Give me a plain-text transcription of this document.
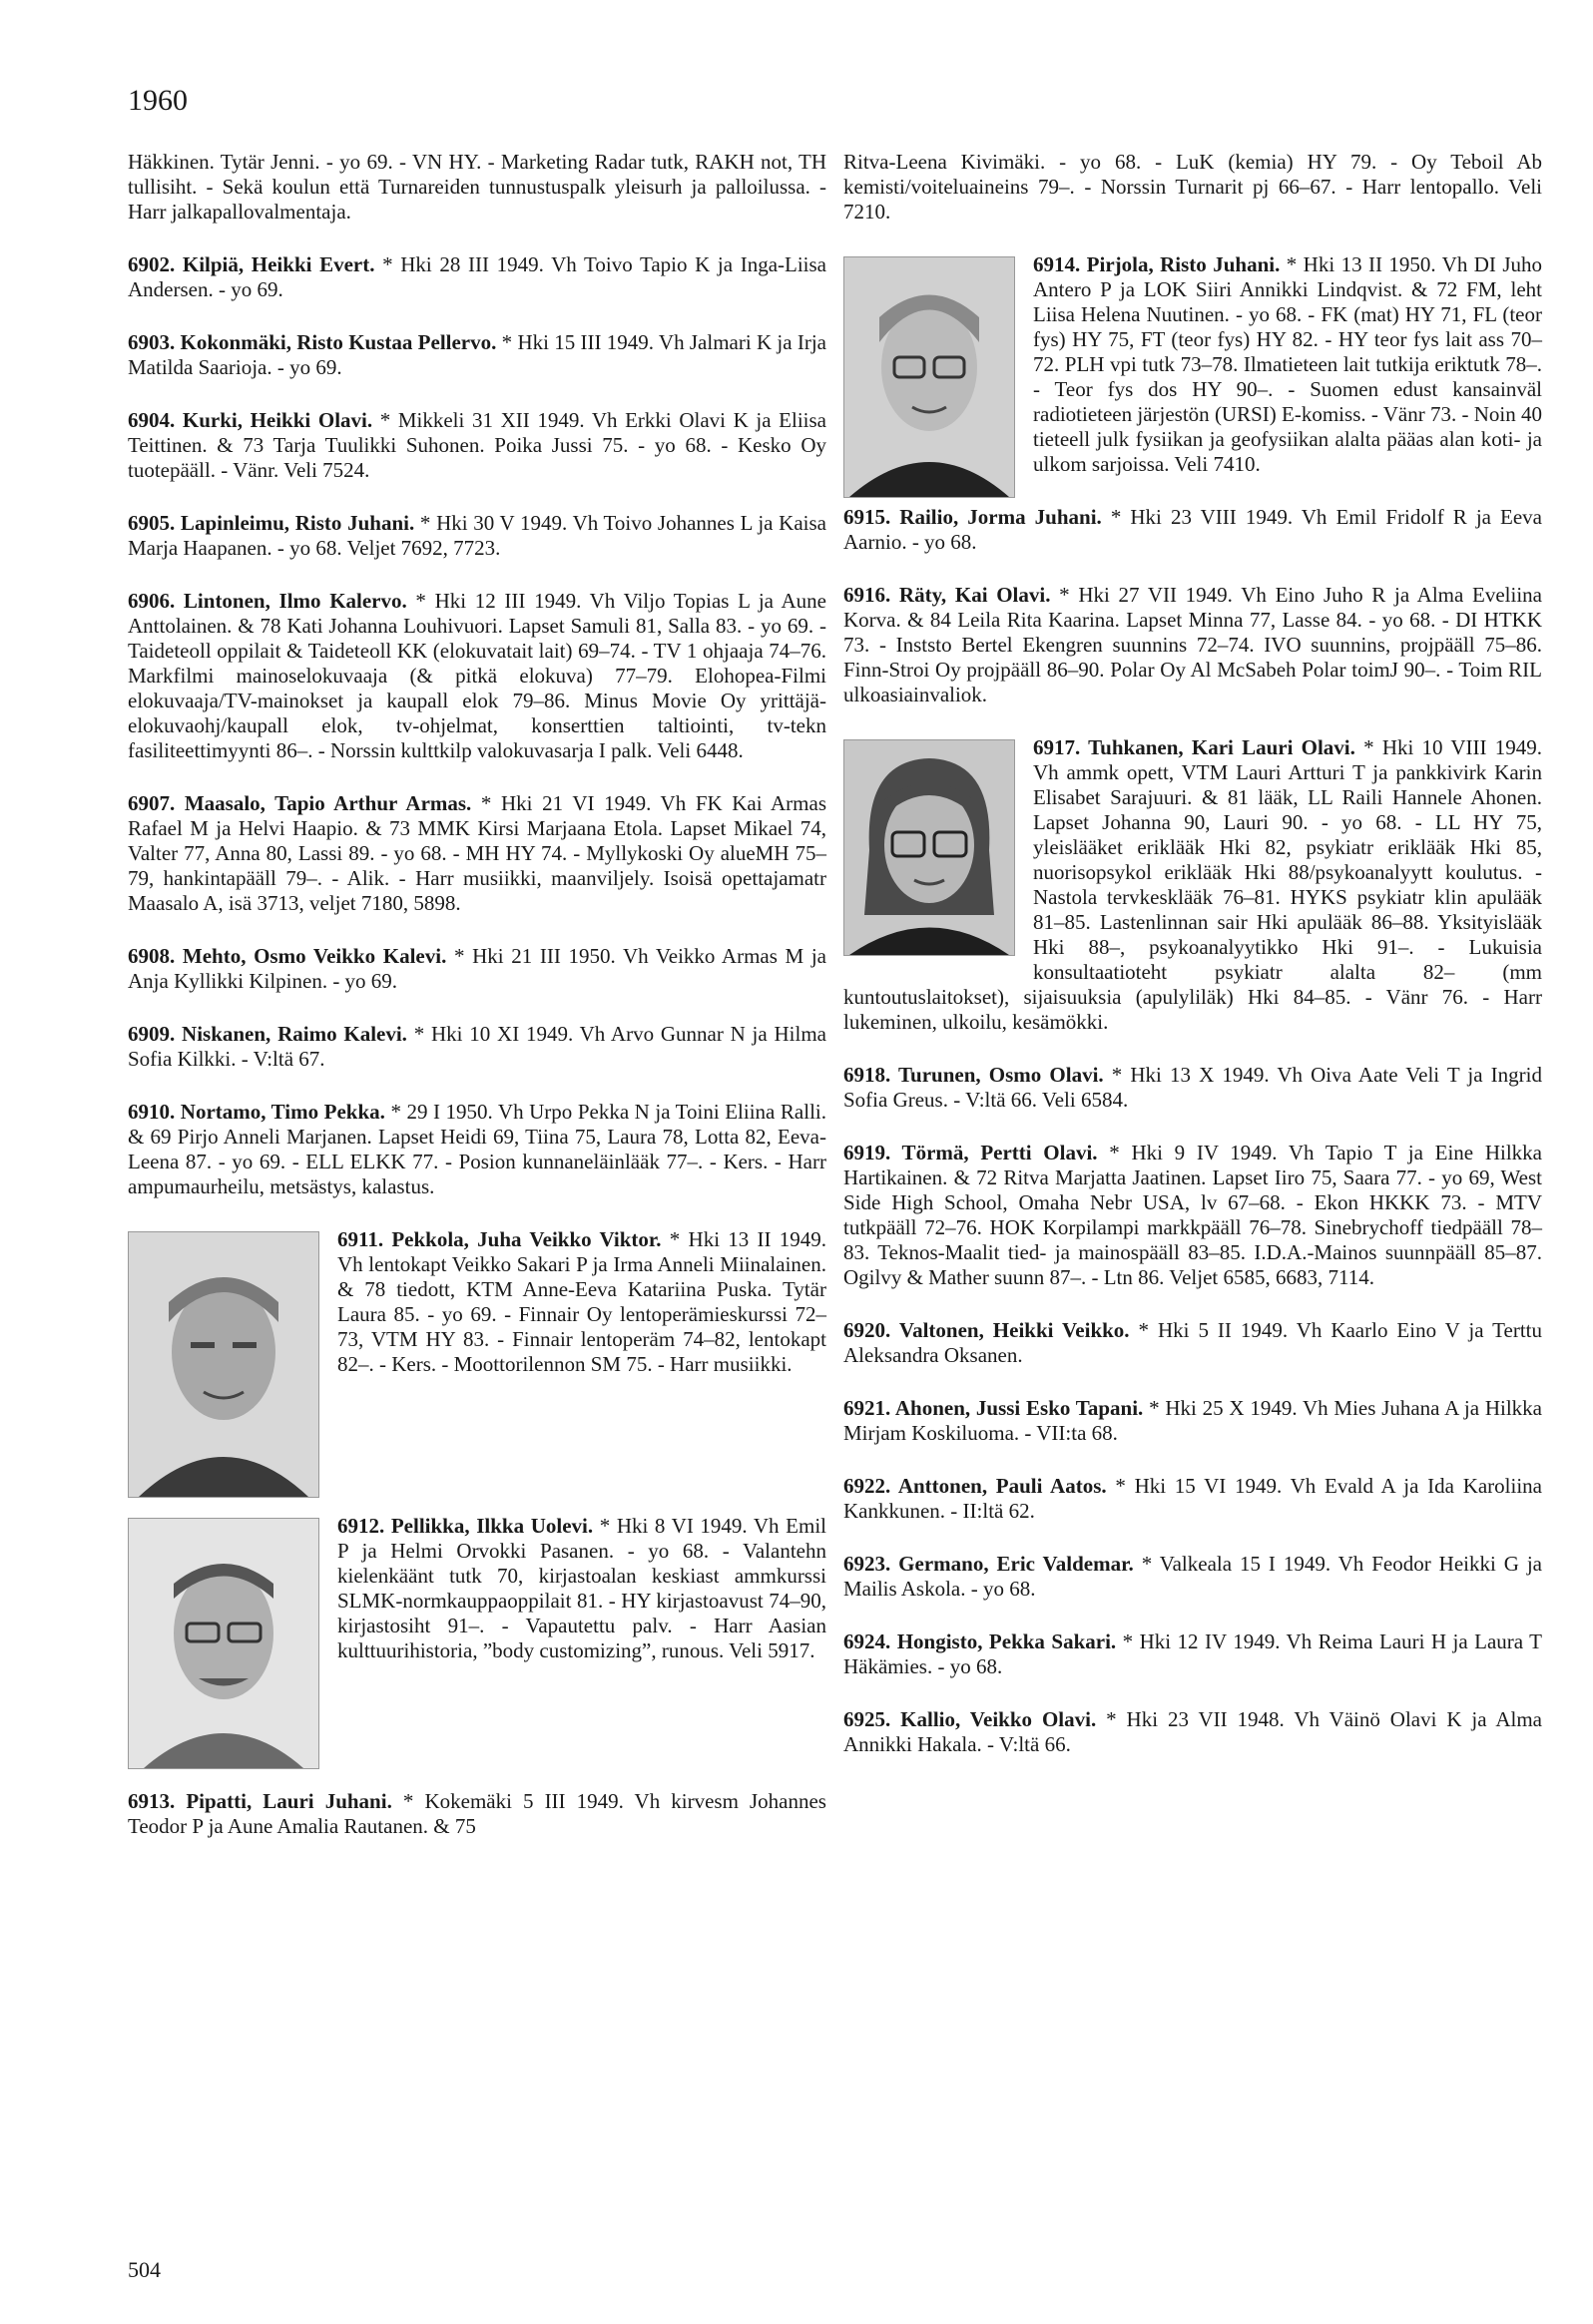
1960

Häkkinen. Tytär Jenni. - yo 69. - VN HY. - Marketing Radar tutk, RAKH not, TH tullisiht. - Sekä koulun että Turnareiden tunnustuspalk yleisurh ja palloilussa. - Harr jalkapallovalmentaja.

6902. Kilpiä, Heikki Evert. * Hki 28 III 1949. Vh Toivo Tapio K ja Inga-Liisa Andersen. - yo 69.

6903. Kokonmäki, Risto Kustaa Pellervo. * Hki 15 III 1949. Vh Jalmari K ja Irja Matilda Saarioja. - yo 69.

6904. Kurki, Heikki Olavi. * Mikkeli 31 XII 1949. Vh Erkki Olavi K ja Eliisa Teittinen. & 73 Tarja Tuulikki Suhonen. Poika Jussi 75. - yo 68. - Kesko Oy tuotepääll. - Vänr. Veli 7524.

6905. Lapinleimu, Risto Juhani. * Hki 30 V 1949. Vh Toivo Johannes L ja Kaisa Marja Haapanen. - yo 68. Veljet 7692, 7723.

6906. Lintonen, Ilmo Kalervo. * Hki 12 III 1949. Vh Viljo Topias L ja Aune Anttolainen. & 78 Kati Johanna Louhivuori. Lapset Samuli 81, Salla 83. - yo 69. - Taideteoll oppilait & Taideteoll KK (elokuvatait lait) 69–74. - TV 1 ohjaaja 74–76. Markfilmi mainoselokuvaaja (& pitkä elokuva) 77–79. Elohopea-Filmi elokuvaaja/TV-mainokset ja kaupall elok 79–86. Minus Movie Oy yrittäjä-elokuvaohj/kaupall elok, tv-ohjelmat, konserttien taltiointi, tv-tekn fasiliteettimyynti 86–. - Norssin kulttkilp valokuvasarja I palk. Veli 6448.

6907. Maasalo, Tapio Arthur Armas. * Hki 21 VI 1949. Vh FK Kai Armas Rafael M ja Helvi Haapio. & 73 MMK Kirsi Marjaana Etola. Lapset Mikael 74, Valter 77, Anna 80, Lassi 89. - yo 68. - MH HY 74. - Myllykoski Oy alueMH 75–79, hankintapääll 79–. - Alik. - Harr musiikki, maanviljely. Isoisä opettajamatr Maasalo A, isä 3713, veljet 7180, 5898.

6908. Mehto, Osmo Veikko Kalevi. * Hki 21 III 1950. Vh Veikko Armas M ja Anja Kyllikki Kilpinen. - yo 69.

6909. Niskanen, Raimo Kalevi. * Hki 10 XI 1949. Vh Arvo Gunnar N ja Hilma Sofia Kilkki. - V:ltä 67.

6910. Nortamo, Timo Pekka. * 29 I 1950. Vh Urpo Pekka N ja Toini Eliina Ralli. & 69 Pirjo Anneli Marjanen. Lapset Heidi 69, Tiina 75, Laura 78, Lotta 82, Eeva-Leena 87. - yo 69. - ELL ELKK 77. - Posion kunnaneläinlääk 77–. - Kers. - Harr ampumaurheilu, metsästys, kalastus.

6911. Pekkola, Juha Veikko Viktor.
* Hki 13 II 1949. Vh lentokapt Veikko Sakari P ja Irma Anneli Miinalainen. & 78 tiedott, KTM Anne-Eeva Katariina Puska. Tytär Laura 85. - yo 69. - Finnair Oy lentoperämieskurssi 72–73, VTM HY 83. - Finnair lentoperäm 74–82, lentokapt 82–. - Kers. - Moottorilennon SM 75. - Harr musiikki.

6912. Pellikka, Ilkka Uolevi.
* Hki 8 VI 1949. Vh Emil P ja Helmi Orvokki Pasanen. - yo 68. - Valantehn kielenkäänt tutk 70, kirjastoalan keskiast ammkurssi SLMK-normkauppaoppilait 81. - HY kirjastoavust 74–90, kirjastosiht 91–. - Vapautettu palv. - Harr Aasian kulttuurihistoria, ”body customizing”, runous. Veli 5917.

6913. Pipatti, Lauri Juhani. * Kokemäki 5 III 1949. Vh kirvesm Johannes Teodor P ja Aune Amalia Rautanen. & 75

Ritva-Leena Kivimäki. - yo 68. - LuK (kemia) HY 79. - Oy Teboil Ab kemisti/voiteluaineins 79–. - Norssin Turnarit pj 66–67. - Harr lentopallo. Veli 7210.

6914. Pirjola, Risto Juhani.
* Hki 13 II 1950. Vh DI Juho Antero P ja LOK Siiri Annikki Lindqvist. & 72 FM, leht Liisa Helena Nuutinen. - yo 68. - FK (mat) HY 71, FL (teor fys) HY 75, FT (teor fys) HY 82. - HY teor fys lait ass 70–72. PLH vpi tutk 73–78. Ilmatieteen lait tutkija eriktutk 78–. - Teor fys dos HY 90–. - Suomen edust kansainväl radiotieteen järjestön (URSI) E-komiss. - Vänr 73. - Noin 40 tieteell julk fysiikan ja geofysiikan alalta pääas alan koti- ja ulkom sarjoissa. Veli 7410.

6915. Railio, Jorma Juhani. * Hki 23 VIII 1949. Vh Emil Fridolf R ja Eeva Aarnio. - yo 68.

6916. Räty, Kai Olavi. * Hki 27 VII 1949. Vh Eino Juho R ja Alma Eveliina Korva. & 84 Leila Rita Kaarina. Lapset Minna 77, Lasse 84. - yo 68. - DI HTKK 73. - Inststo Bertel Ekengren suunnins 72–74. IVO suunnins, projpääll 75–86. Finn-Stroi Oy projpääll 86–90. Polar Oy Al McSabeh Polar toimJ 90–. - Toim RIL ulkoasiainvaliok.

6917. Tuhkanen, Kari Lauri Olavi.
* Hki 10 VIII 1949. Vh ammk opett, VTM Lauri Artturi T ja pankkivirk Karin Elisabet Sarajuuri. & 81 lääk, LL Raili Hannele Ahonen. Lapset Johanna 90, Lauri 90. - yo 68. - LL HY 75, yleislääket eriklääk Hki 82, psykiatr eriklääk Hki 85, nuorisopsykol eriklääk Hki 88/psykoanalyytt koulutus. - Nastola tervkesklääk 76–81. HYKS psykiatr klin apulääk 81–85. Lastenlinnan sair Hki apulääk 86–88. Yksityislääk Hki 88–, psykoanalyytikko Hki 91–. - Lukuisia konsultaatioteht psykiatr alalta 82– (mm kuntoutuslaitokset), sijaisuuksia (apulyliläk) Hki 84–85. - Vänr 76. - Harr lukeminen, ulkoilu, kesämökki.

6918. Turunen, Osmo Olavi. * Hki 13 X 1949. Vh Oiva Aate Veli T ja Ingrid Sofia Greus. - V:ltä 66. Veli 6584.

6919. Törmä, Pertti Olavi. * Hki 9 IV 1949. Vh Tapio T ja Eine Hilkka Hartikainen. & 72 Ritva Marjatta Jaatinen. Lapset Iiro 75, Saara 77. - yo 69, West Side High School, Omaha Nebr USA, lv 67–68. - Ekon HKKK 73. - MTV tutkpääll 72–76. HOK Korpilampi markkpääll 76–78. Sinebrychoff tiedpääll 78–83. Teknos-Maalit tied- ja mainospääll 83–85. I.D.A.-Mainos suunnpääll 85–87. Ogilvy & Mather suunn 87–. - Ltn 86. Veljet 6585, 6683, 7114.

6920. Valtonen, Heikki Veikko. * Hki 5 II 1949. Vh Kaarlo Eino V ja Terttu Aleksandra Oksanen.

6921. Ahonen, Jussi Esko Tapani. * Hki 25 X 1949. Vh Mies Juhana A ja Hilkka Mirjam Koskiluoma. - VII:ta 68.

6922. Anttonen, Pauli Aatos. * Hki 15 VI 1949. Vh Evald A ja Ida Karoliina Kankkunen. - II:ltä 62.

6923. Germano, Eric Valdemar. * Valkeala 15 I 1949. Vh Feodor Heikki G ja Mailis Askola. - yo 68.

6924. Hongisto, Pekka Sakari. * Hki 12 IV 1949. Vh Reima Lauri H ja Laura T Häkämies. - yo 68.

6925. Kallio, Veikko Olavi. * Hki 23 VII 1948. Vh Väinö Olavi K ja Alma Annikki Hakala. - V:ltä 66.

504
